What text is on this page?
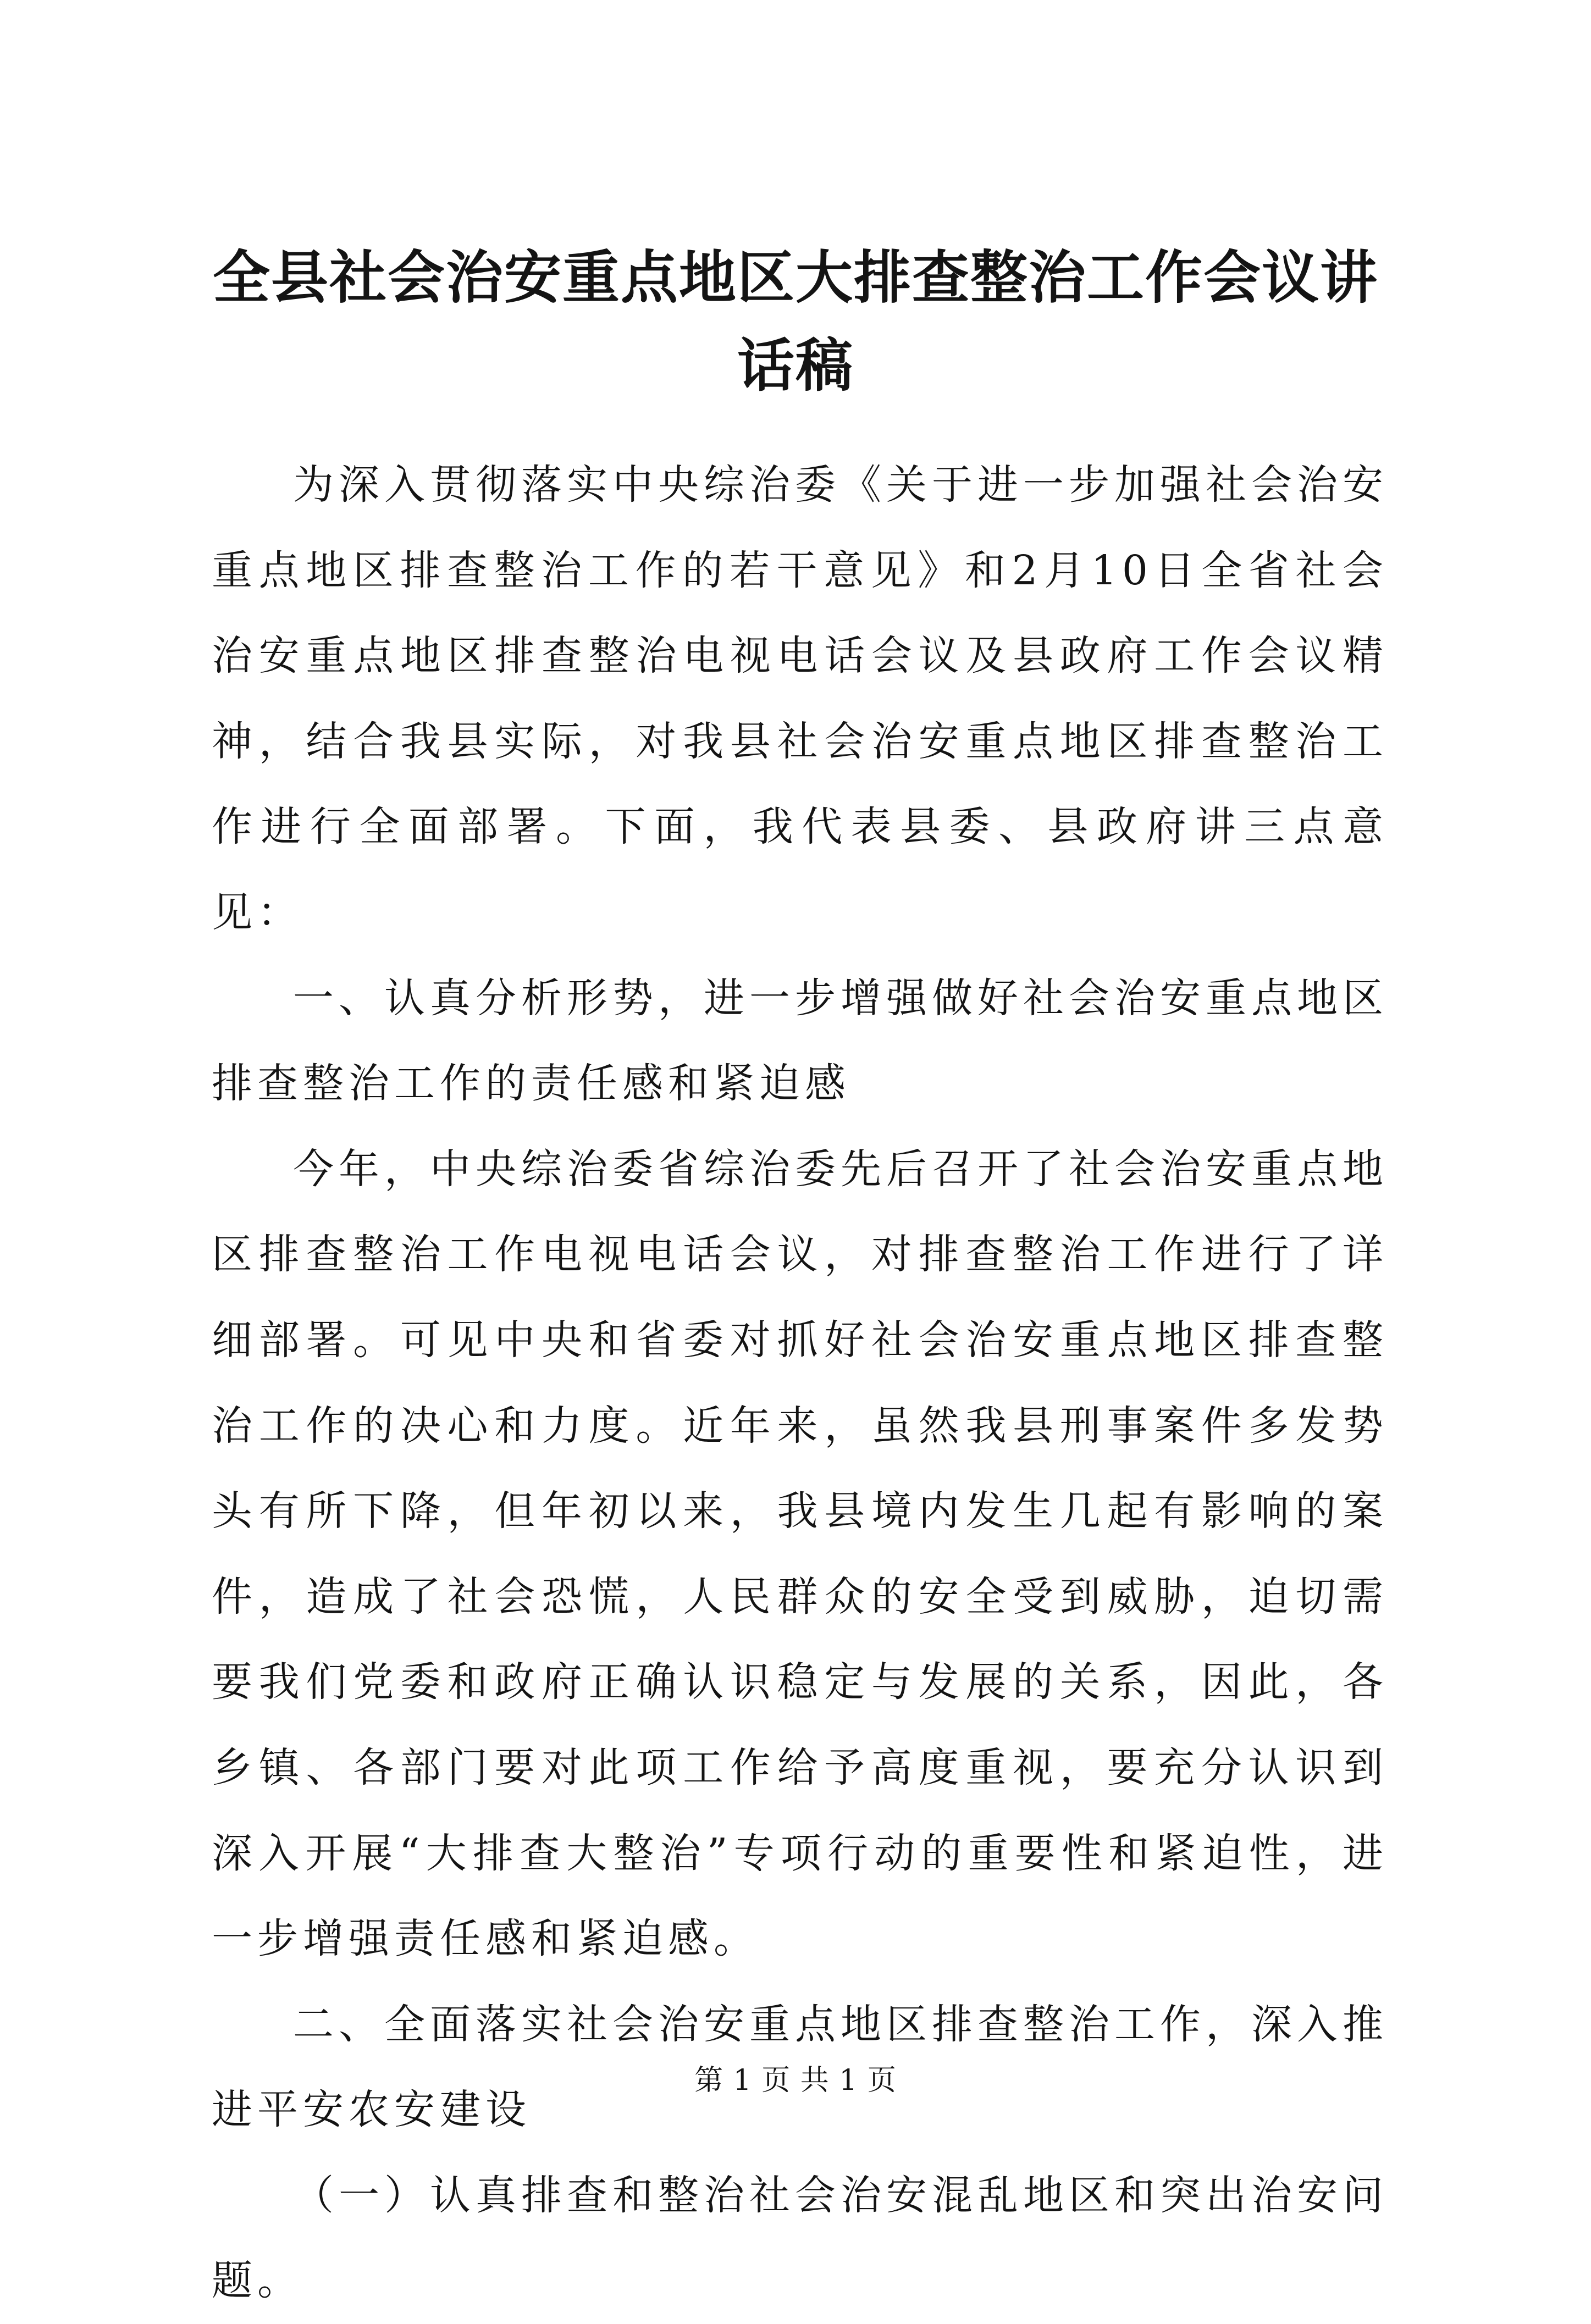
全县社会治安重点地区大排查整治工作会议讲话稿

为深入贯彻落实中央综治委《关于进一步加强社会治安重点地区排查整治工作的若干意见》和2月10日全省社会治安重点地区排查整治电视电话会议及县政府工作会议精神，结合我县实际，对我县社会治安重点地区排查整治工作进行全面部署。下面，我代表县委、县政府讲三点意见：

一、认真分析形势，进一步增强做好社会治安重点地区排查整治工作的责任感和紧迫感

今年，中央综治委省综治委先后召开了社会治安重点地区排查整治工作电视电话会议，对排查整治工作进行了详细部署。可见中央和省委对抓好社会治安重点地区排查整治工作的决心和力度。近年来，虽然我县刑事案件多发势头有所下降，但年初以来，我县境内发生几起有影响的案件，造成了社会恐慌，人民群众的安全受到威胁，迫切需要我们党委和政府正确认识稳定与发展的关系，因此，各乡镇、各部门要对此项工作给予高度重视，要充分认识到深入开展“大排查大整治”专项行动的重要性和紧迫性，进一步增强责任感和紧迫感。

二、全面落实社会治安重点地区排查整治工作，深入推进平安农安建设

（一）认真排查和整治社会治安混乱地区和突出治安问题。

第 1 页 共 1 页
